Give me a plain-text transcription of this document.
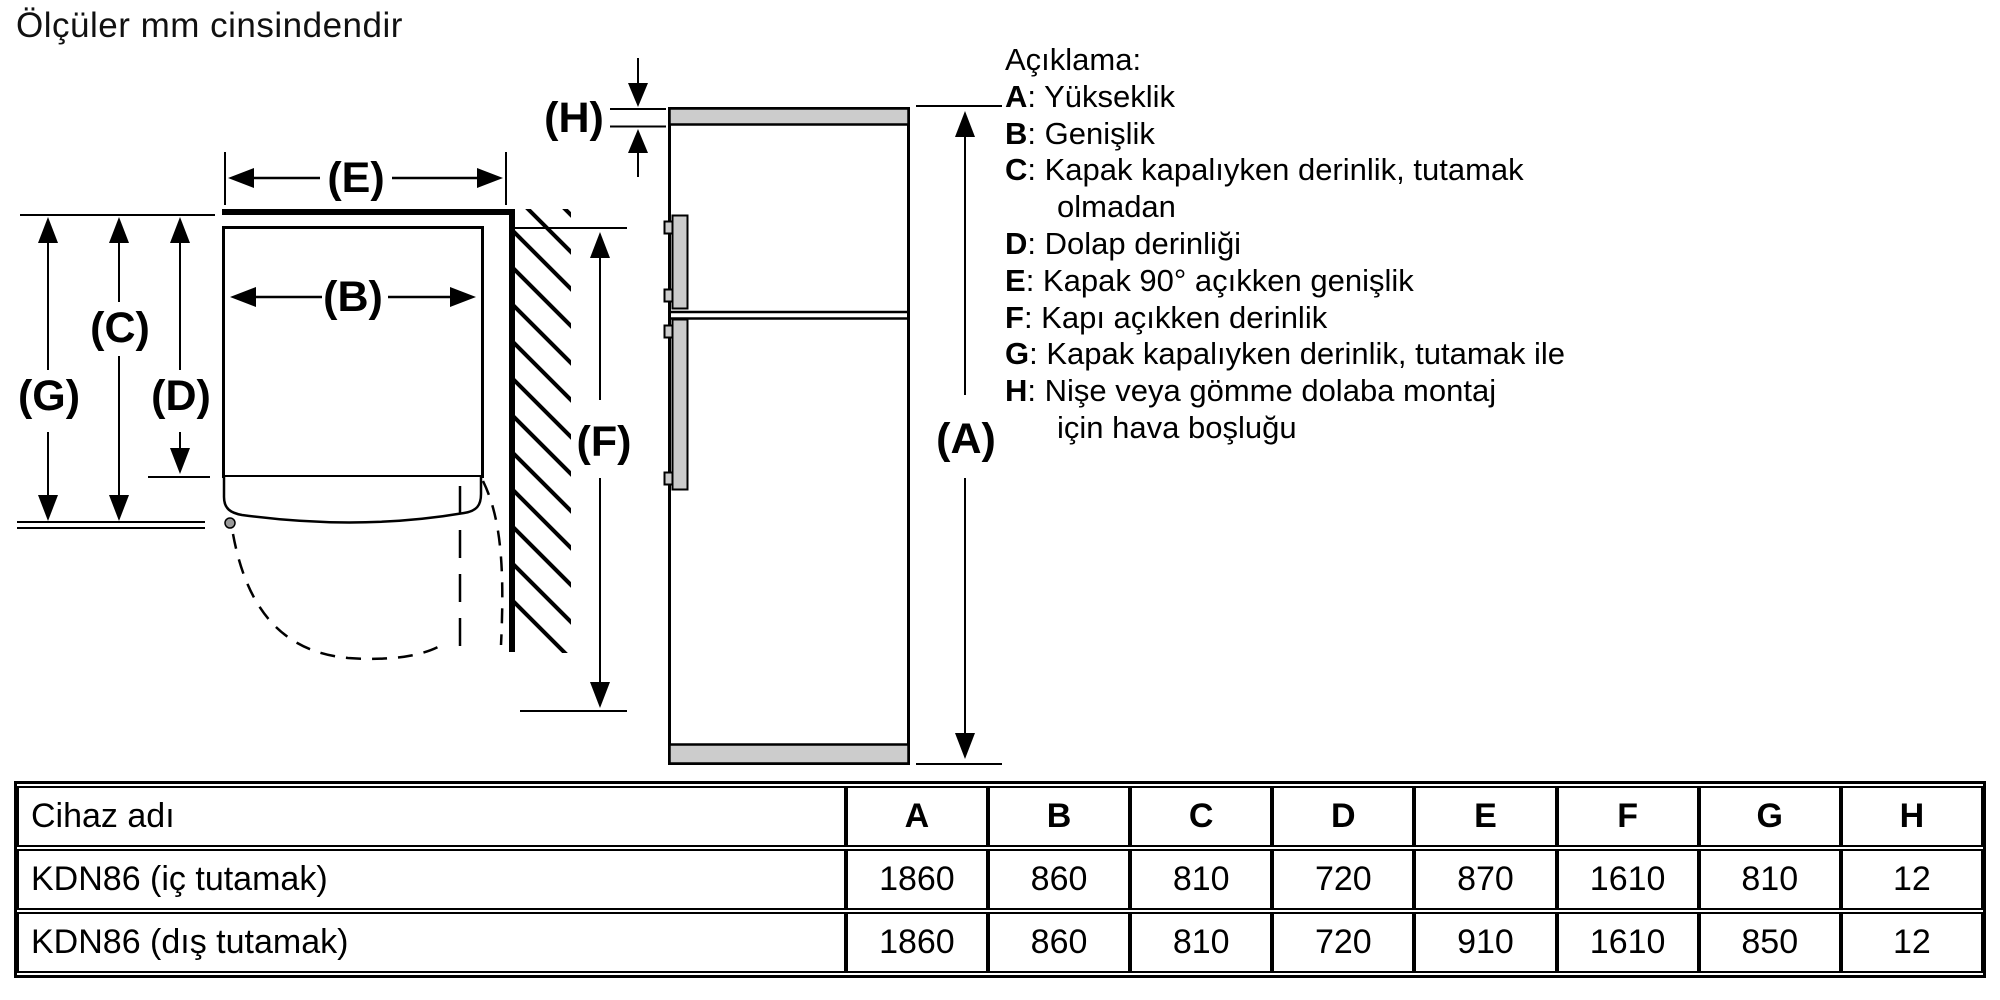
Ölçüler mm cinsindendir
(E)
(B)
(G)
(C)
(D)
(H)
(F)	(A)
Açıklama:
A: Yükseklik
B: Genişlik
C: Kapak kapalıyken derinlik, tutamak
olmadan
D: Dolap derinliği
E: Kapak 90° açıkken genişlik
F: Kapı açıkken derinlik
G: Kapak kapalıyken derinlik, tutamak ile
H: Nişe veya gömme dolaba montaj
için hava boşluğu
Cihaz adı	A	B	C	D	E	F	G	H
KDN86 (iç tutamak)	1860	860	810	720	870	1610	810	12
KDN86 (dış tutamak)	1860	860	810	720	910	1610	850	12
